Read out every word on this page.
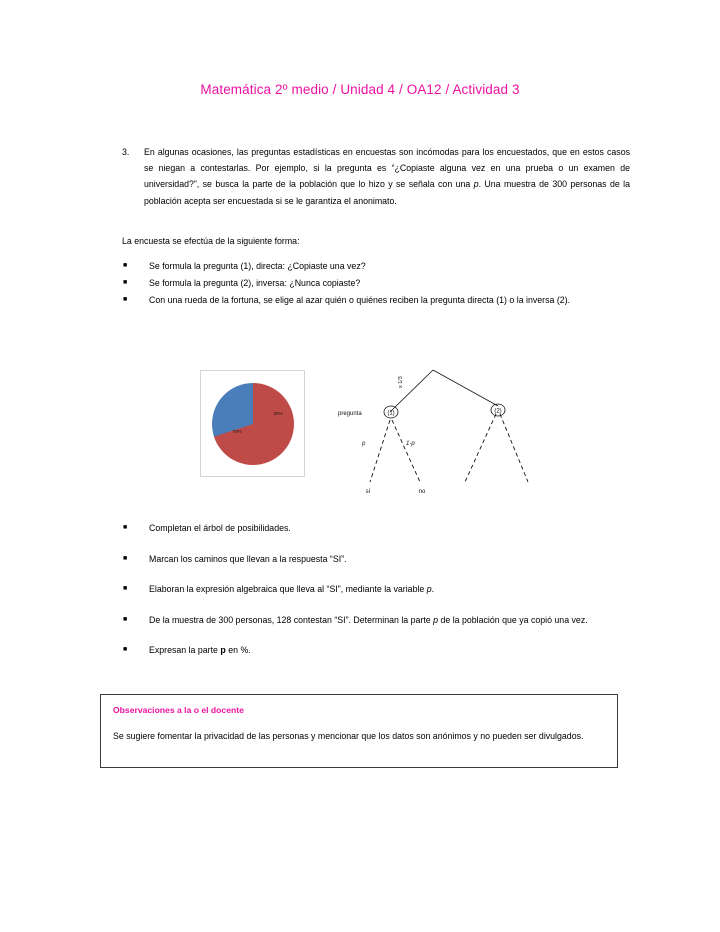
Matemática 2º medio / Unidad 4 / OA12 / Actividad 3
3.	En algunas ocasiones, las preguntas estadísticas en encuestas son incómodas para los encuestados, que en estos casos se niegan a contestarlas. Por ejemplo, si la pregunta es “¿Copiaste alguna vez en una prueba o un examen de universidad?”, se busca la parte de la población que lo hizo y se señala con una p. Una muestra de 300 personas de la población acepta ser encuestada si se le garantiza el anonimato.
La encuesta se efectúa de la siguiente forma:
■	Se formula la pregunta (1), directa: ¿Copiaste una vez?
■	Se formula la pregunta (2), inversa: ¿Nunca copiaste?
■	Con una rueda de la fortuna, se elige al azar quién o quiénes reciben la pregunta directa (1) o la inversa (2).
30%
70%
x 1/3
pregunta	(1)	(2)
p	1-p
sí	no
■	Completan el árbol de posibilidades.
■	Marcan los caminos que llevan a la respuesta “SI”.
■	Elaboran la expresión algebraica que lleva al “SI”, mediante la variable p.
■	De la muestra de 300 personas, 128 contestan “SI”. Determinan la parte p de la población que ya copió una vez.
■	Expresan la parte p en %.
Observaciones a la o el docente
Se sugiere fomentar la privacidad de las personas y mencionar que los datos son anónimos y no pueden ser divulgados.
